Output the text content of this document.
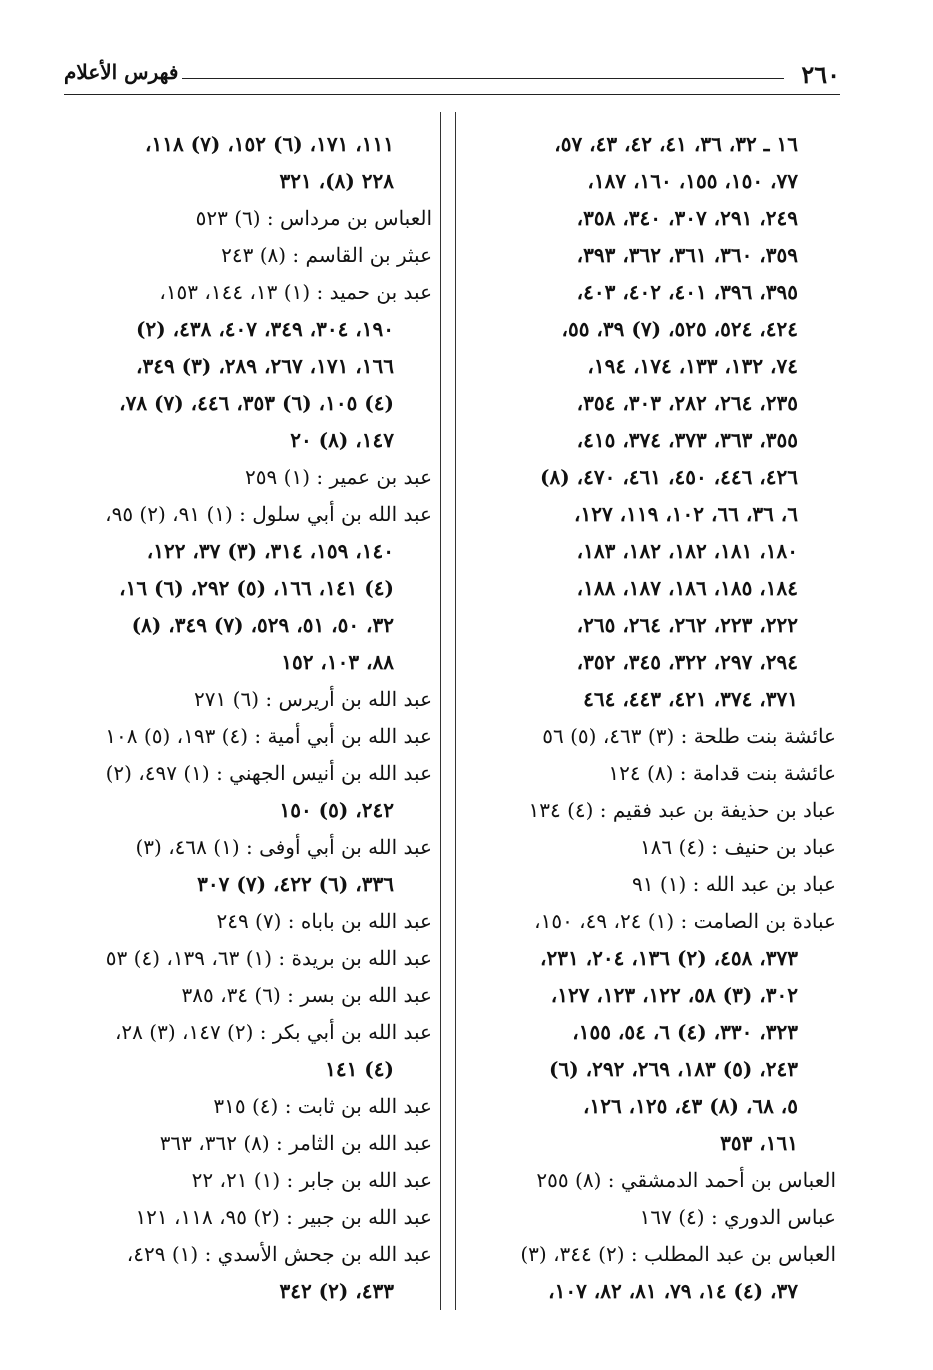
٢٦٠
فهرس الأعلام
١٦ ـ ٣٢، ٣٦، ٤١، ٤٢، ٤٣، ٥٧،
٧٧، ١٥٠، ١٥٥، ١٦٠، ١٨٧،
٢٤٩، ٢٩١، ٣٠٧، ٣٤٠، ٣٥٨،
٣٥٩، ٣٦٠، ٣٦١، ٣٦٢، ٣٩٣،
٣٩٥، ٣٩٦، ٤٠١، ٤٠٢، ٤٠٣،
٤٢٤، ٥٢٤، ٥٢٥، (٧) ٣٩، ٥٥،
٧٤، ١٣٢، ١٣٣، ١٧٤، ١٩٤،
٢٣٥، ٢٦٤، ٢٨٢، ٣٠٣، ٣٥٤،
٣٥٥، ٣٦٣، ٣٧٣، ٣٧٤، ٤١٥،
٤٢٦، ٤٤٦، ٤٥٠، ٤٦١، ٤٧٠، (٨)
٦، ٣٦، ٦٦، ١٠٢، ١١٩، ١٢٧،
١٨٠، ١٨١، ١٨٢، ١٨٢، ١٨٣،
١٨٤، ١٨٥، ١٨٦، ١٨٧، ١٨٨،
٢٢٢، ٢٢٣، ٢٦٢، ٢٦٤، ٢٦٥،
٢٩٤، ٢٩٧، ٣٢٢، ٣٤٥، ٣٥٢،
٣٧١، ٣٧٤، ٤٢١، ٤٤٣، ٤٦٤
عائشة بنت طلحة : (٣) ٤٦٣، (٥) ٥٦
عائشة بنت قدامة : (٨) ١٢٤
عباد بن حذيفة بن عبد فقيم : (٤) ١٣٤
عباد بن حنيف : (٤) ١٨٦
عباد بن عبد الله : (١) ٩١
عبادة بن الصامت : (١) ٢٤، ٤٩، ١٥٠،
٣٧٣، ٤٥٨، (٢) ١٣٦، ٢٠٤، ٢٣١،
٣٠٢، (٣) ٥٨، ١٢٢، ١٢٣، ١٢٧،
٣٢٣، ٣٣٠، (٤) ٦، ٥٤، ١٥٥،
٢٤٣، (٥) ١٨٣، ٢٦٩، ٢٩٢، (٦)
٥، ٦٨، (٨) ٤٣، ١٢٥، ١٢٦،
١٦١، ٣٥٣
العباس بن أحمد الدمشقي : (٨) ٢٥٥
عباس الدوري : (٤) ١٦٧
العباس بن عبد المطلب : (٢) ٣٤٤، (٣)
٣٧، (٤) ١٤، ٧٩، ٨١، ٨٢، ١٠٧،
١١١، ١٧١، (٦) ١٥٢، (٧) ١١٨،
٢٢٨ (٨)، ٣٢١
العباس بن مرداس : (٦) ٥٢٣
عبثر بن القاسم : (٨) ٢٤٣
عبد بن حميد : (١) ١٣، ١٤٤، ١٥٣،
١٩٠، ٣٠٤، ٣٤٩، ٤٠٧، ٤٣٨، (٢)
١٦٦، ١٧١، ٢٦٧، ٢٨٩، (٣) ٣٤٩،
(٤) ١٠٥، (٦) ٣٥٣، ٤٤٦، (٧) ٧٨،
١٤٧، (٨) ٢٠
عبد بن عمير : (١) ٢٥٩
عبد الله بن أبي سلول : (١) ٩١، (٢) ٩٥،
١٤٠، ١٥٩، ٣١٤، (٣) ٣٧، ١٢٢،
(٤) ١٤١، ١٦٦، (٥) ٢٩٢، (٦) ١٦،
٣٢، ٥٠، ٥١، ٥٢٩، (٧) ٣٤٩، (٨)
٨٨، ١٠٣، ١٥٢
عبد الله بن أريرس : (٦) ٢٧١
عبد الله بن أبي أمية : (٤) ١٩٣، (٥) ١٠٨
عبد الله بن أنيس الجهني : (١) ٤٩٧، (٢)
٢٤٢، (٥) ١٥٠
عبد الله بن أبي أوفى : (١) ٤٦٨، (٣)
٣٣٦، (٦) ٤٢٢، (٧) ٣٠٧
عبد الله بن باباه : (٧) ٢٤٩
عبد الله بن بريدة : (١) ٦٣، ١٣٩، (٤) ٥٣
عبد الله بن بسر : (٦) ٣٤، ٣٨٥
عبد الله بن أبي بكر : (٢) ١٤٧، (٣) ٢٨،
(٤) ١٤١
عبد الله بن ثابت : (٤) ٣١٥
عبد الله بن الثامر : (٨) ٣٦٢، ٣٦٣
عبد الله بن جابر : (١) ٢١، ٢٢
عبد الله بن جبير : (٢) ٩٥، ١١٨، ١٢١
عبد الله بن جحش الأسدي : (١) ٤٢٩،
٤٣٣، (٢) ٣٤٢
